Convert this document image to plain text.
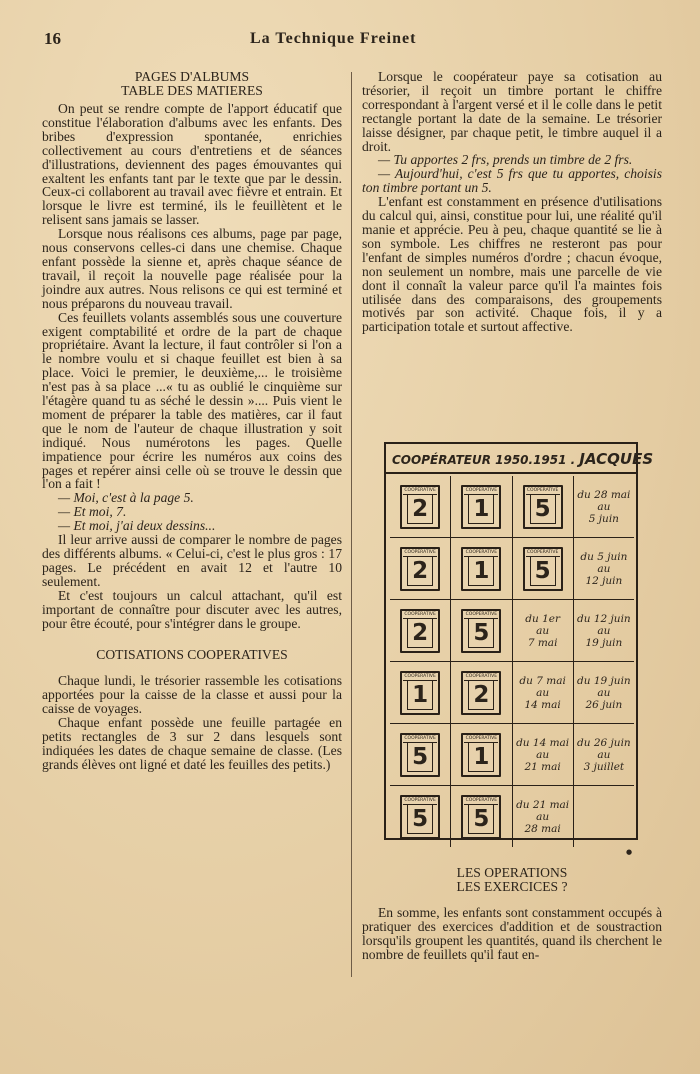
16	La Technique Freinet
PAGES D'ALBUMS
TABLE DES MATIERES

On peut se rendre compte de l'apport éducatif que constitue l'élaboration d'albums avec les enfants. Des bribes d'expression spontanée, enrichies collectivement au cours d'entretiens et de séances d'illustrations, deviennent des pages émouvantes qui exaltent les enfants tant par le texte que par le dessin. Ceux-ci collaborent au travail avec fièvre et entrain. Et lorsque le livre est terminé, ils le feuillètent et le relisent sans jamais se lasser.

Lorsque nous réalisons ces albums, page par page, nous conservons celles-ci dans une chemise. Chaque enfant possède la sienne et, après chaque séance de travail, il reçoit la nouvelle page réalisée pour la joindre aux autres. Nous relisons ce qui est terminé et nous préparons du nouveau travail.

Ces feuillets volants assemblés sous une couverture exigent comptabilité et ordre de la part de chaque propriétaire. Avant la lecture, il faut contrôler si l'on a le nombre voulu et si chaque feuillet est bien à sa place. Voici le premier, le deuxième,... le troisième n'est pas à sa place ...« tu as oublié le cinquième sur l'étagère quand tu as séché le dessin ».... Puis vient le moment de préparer la table des matières, car il faut que le nom de l'auteur de chaque illustration y soit indiqué. Nous numérotons les pages. Quelle impatience pour écrire les numéros aux coins des pages et repérer ainsi celle où se trouve le dessin que l'on a fait !

— Moi, c'est à la page 5.

— Et moi, 7.

— Et moi, j'ai deux dessins...

Il leur arrive aussi de comparer le nombre de pages des différents albums. « Celui-ci, c'est le plus gros : 17 pages. Le précédent en avait 12 et l'autre 10 seulement.

Et c'est toujours un calcul attachant, qu'il est important de connaître pour discuter avec les autres, pour être écouté, pour s'intégrer dans le groupe.

COTISATIONS COOPERATIVES

Chaque lundi, le trésorier rassemble les cotisations apportées pour la caisse de la classe et aussi pour la caisse de voyages.

Chaque enfant possède une feuille partagée en petits rectangles de 3 sur 2 dans lesquels sont indiquées les dates de chaque semaine de classe. (Les grands élèves ont ligné et daté les feuilles des petits.)

Lorsque le coopérateur paye sa cotisation au trésorier, il reçoit un timbre portant le chiffre correspondant à l'argent versé et il le colle dans le petit rectangle portant la date de la semaine. Le trésorier laisse désigner, par chaque petit, le timbre auquel il a droit.

— Tu apportes 2 frs, prends un timbre de 2 frs.

— Aujourd'hui, c'est 5 frs que tu apportes, choisis ton timbre portant un 5.

L'enfant est constamment en présence d'utilisations du calcul qui, ainsi, constitue pour lui, une réalité qu'il manie et apprécie. Peu à peu, chaque quantité se lie à son symbole. Les chiffres ne resteront pas pour l'enfant de simples numéros d'ordre ; chacun évoque, non seulement un nombre, mais une parcelle de vie dont il connaît la valeur parce qu'il l'a maintes fois utilisée dans des comparaisons, des groupements motivés par son activité. Chaque fois, il y a participation totale et surtout affective.

COOPÉRATEUR 1950.1951 . JACQUES
COOPERATIVE
2
COOPERATIVE
1
COOPERATIVE
5
du 28 mai
au
5 juin
COOPERATIVE
2
COOPERATIVE
1
COOPERATIVE
5
du 5 juin
au
12 juin
COOPERATIVE
2
COOPERATIVE
5
du 1er
au
7 mai
du 12 juin
au
19 juin
COOPERATIVE
1
COOPERATIVE
2
du 7 mai
au
14 mai
du 19 juin
au
26 juin
COOPERATIVE
5
COOPERATIVE
1
du 14 mai
au
21 mai
du 26 juin
au
3 juillet
COOPERATIVE
5
COOPERATIVE
5
du 21 mai
au
28 mai
●
LES OPERATIONS
LES EXERCICES ?

En somme, les enfants sont constamment occupés à pratiquer des exercices d'addition et de soustraction lorsqu'ils groupent les quantités, quand ils cherchent le nombre de feuillets qu'il faut en-
